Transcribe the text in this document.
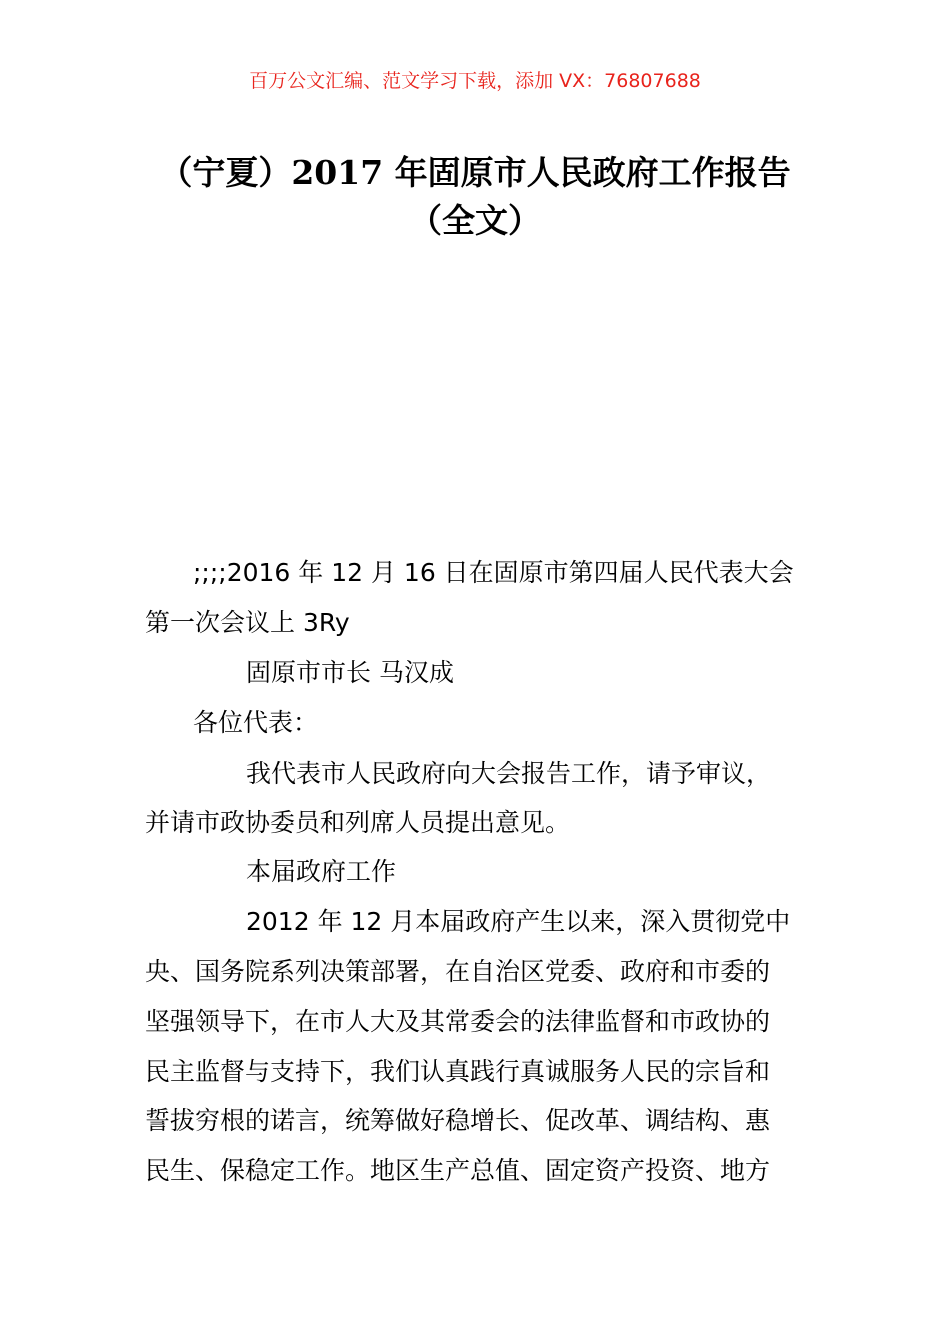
百万公文汇编、范文学习下载，添加 VX：76807688
（宁夏）2017 年固原市人民政府工作报告
（全文）
;;;;2016 年 12 月 16 日在固原市第四届人民代表大会
第一次会议上 3Ry
固原市市长 马汉成
各位代表：
我代表市人民政府向大会报告工作，请予审议，
并请市政协委员和列席人员提出意见。
本届政府工作
2012 年 12 月本届政府产生以来，深入贯彻党中
央、国务院系列决策部署，在自治区党委、政府和市委的
坚强领导下，在市人大及其常委会的法律监督和市政协的
民主监督与支持下，我们认真践行真诚服务人民的宗旨和
誓拔穷根的诺言，统筹做好稳增长、促改革、调结构、惠
民生、保稳定工作。地区生产总值、固定资产投资、地方
